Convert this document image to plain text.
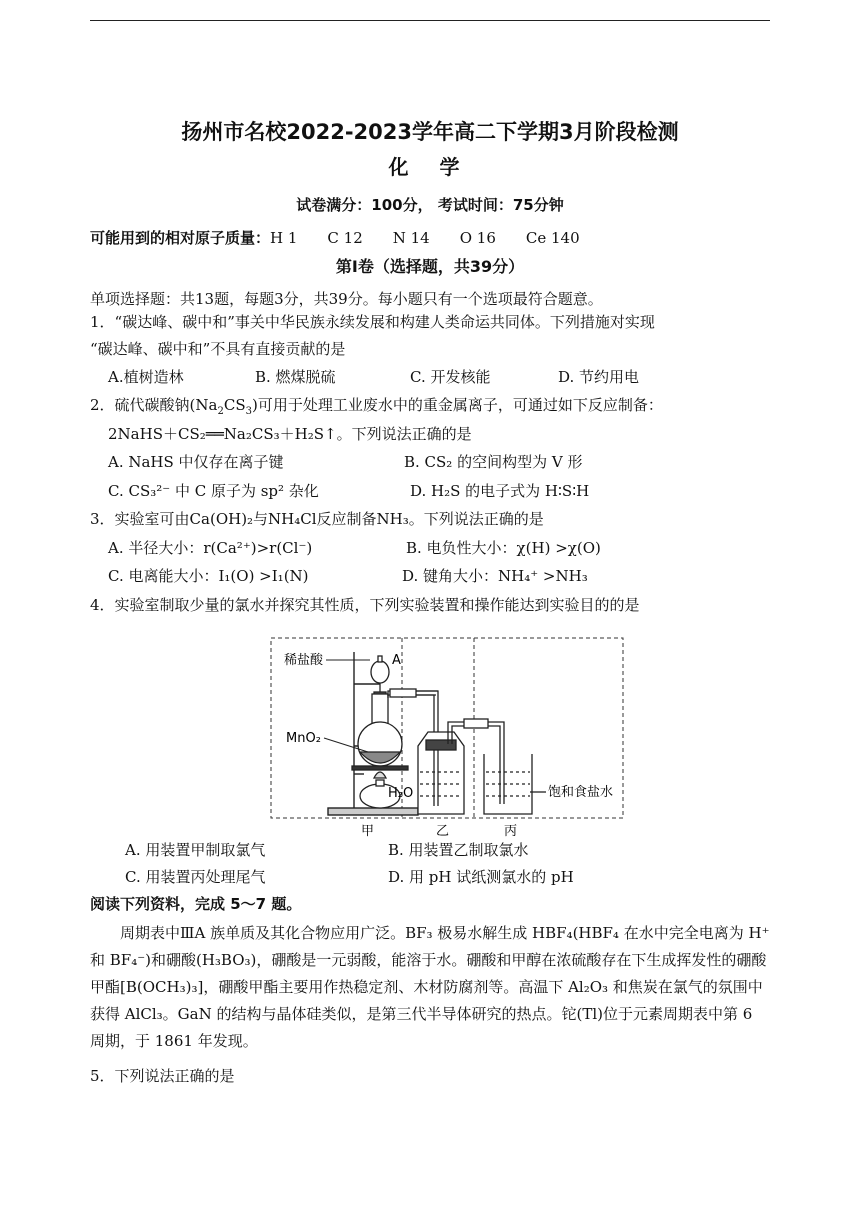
扬州市名校2022-2023学年高二下学期3月阶段检测
化 学
试卷满分：100分， 考试时间：75分钟
可能用到的相对原子质量：H 1　　C 12　　N 14　　O 16　　Ce 140
第Ⅰ卷（选择题，共39分）
单项选择题：共13题，每题3分，共39分。每小题只有一个选项最符合题意。
1．“碳达峰、碳中和”事关中华民族永续发展和构建人类命运共同体。下列措施对实现
“碳达峰、碳中和”不具有直接贡献的是
A.植树造林	B. 燃煤脱硫	C. 开发核能	D. 节约用电
2．硫代碳酸钠$(Na_2CS_3)$可用于处理工业废水中的重金属离子，可通过如下反应制备：
2NaHS＋CS₂══Na₂CS₃＋H₂S↑。下列说法正确的是
A. NaHS 中仅存在离子键	B. CS₂ 的空间构型为 V 形
C. CS₃²⁻ 中 C 原子为 sp² 杂化	D. H₂S 的电子式为 H∶S∶H
3．实验室可由Ca(OH)₂与NH₄Cl反应制备NH₃。下列说法正确的是
A. 半径大小：r(Ca²⁺)>r(Cl⁻)	B. 电负性大小：χ(H) >χ(O)
C. 电离能大小：I₁(O) >I₁(N)	D. 键角大小：NH₄⁺ >NH₃
4．实验室制取少量的氯水并探究其性质，下列实验装置和操作能达到实验目的的是
稀盐酸	A
MnO₂
H₂O	饱和食盐水
甲	乙	丙
A. 用装置甲制取氯气	B. 用装置乙制取氯水
C. 用装置丙处理尾气	D. 用 pH 试纸测氯水的 pH
阅读下列资料，完成 5～7 题。
周期表中ⅢA 族单质及其化合物应用广泛。BF₃ 极易水解生成 HBF₄(HBF₄ 在水中完全电离为 H⁺和 BF₄⁻)和硼酸(H₃BO₃)，硼酸是一元弱酸，能溶于水。硼酸和甲醇在浓硫酸存在下生成挥发性的硼酸甲酯[B(OCH₃)₃]，硼酸甲酯主要用作热稳定剂、木材防腐剂等。高温下 Al₂O₃ 和焦炭在氯气的氛围中获得 AlCl₃。GaN 的结构与晶体硅类似，是第三代半导体研究的热点。铊(Tl)位于元素周期表中第 6 周期，于 1861 年发现。
5．下列说法正确的是
